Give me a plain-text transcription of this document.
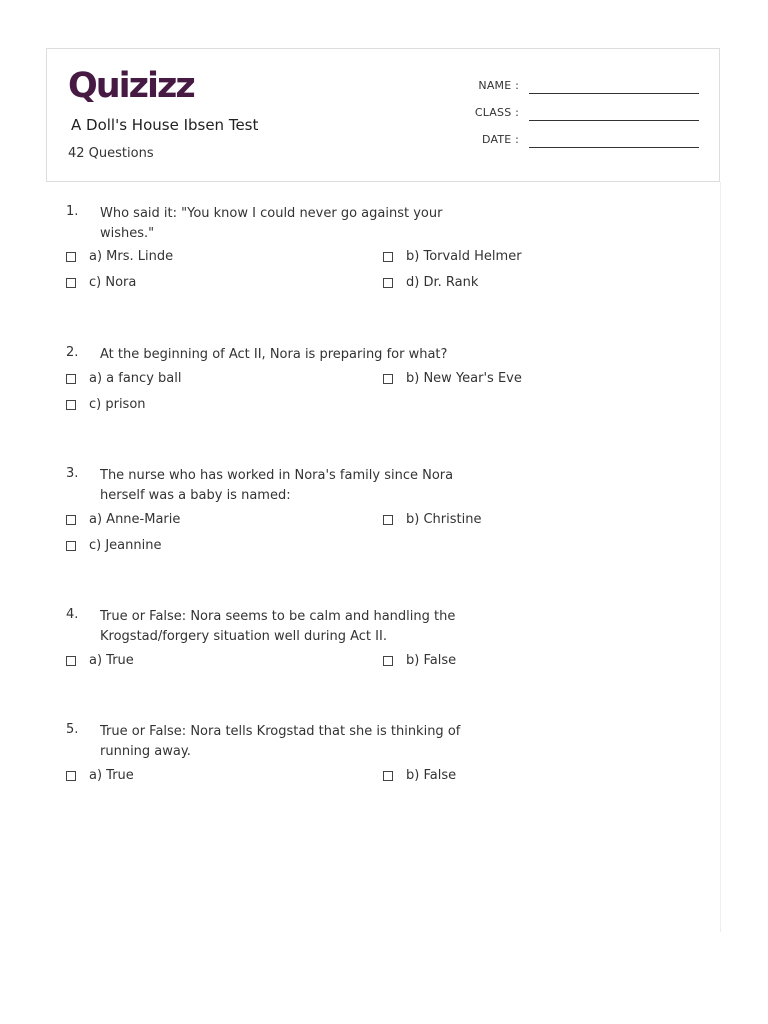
Quizizz
A Doll's House Ibsen Test
42 Questions
NAME :
CLASS :
DATE :
1. Who said it: "You know I could never go against your wishes."
a) Mrs. Linde	b) Torvald Helmer
c) Nora	d) Dr. Rank
2. At the beginning of Act II, Nora is preparing for what?
a) a fancy ball	b) New Year's Eve
c) prison
3. The nurse who has worked in Nora's family since Nora herself was a baby is named:
a) Anne-Marie	b) Christine
c) Jeannine
4. True or False: Nora seems to be calm and handling the Krogstad/forgery situation well during Act II.
a) True	b) False
5. True or False: Nora tells Krogstad that she is thinking of running away.
a) True	b) False
